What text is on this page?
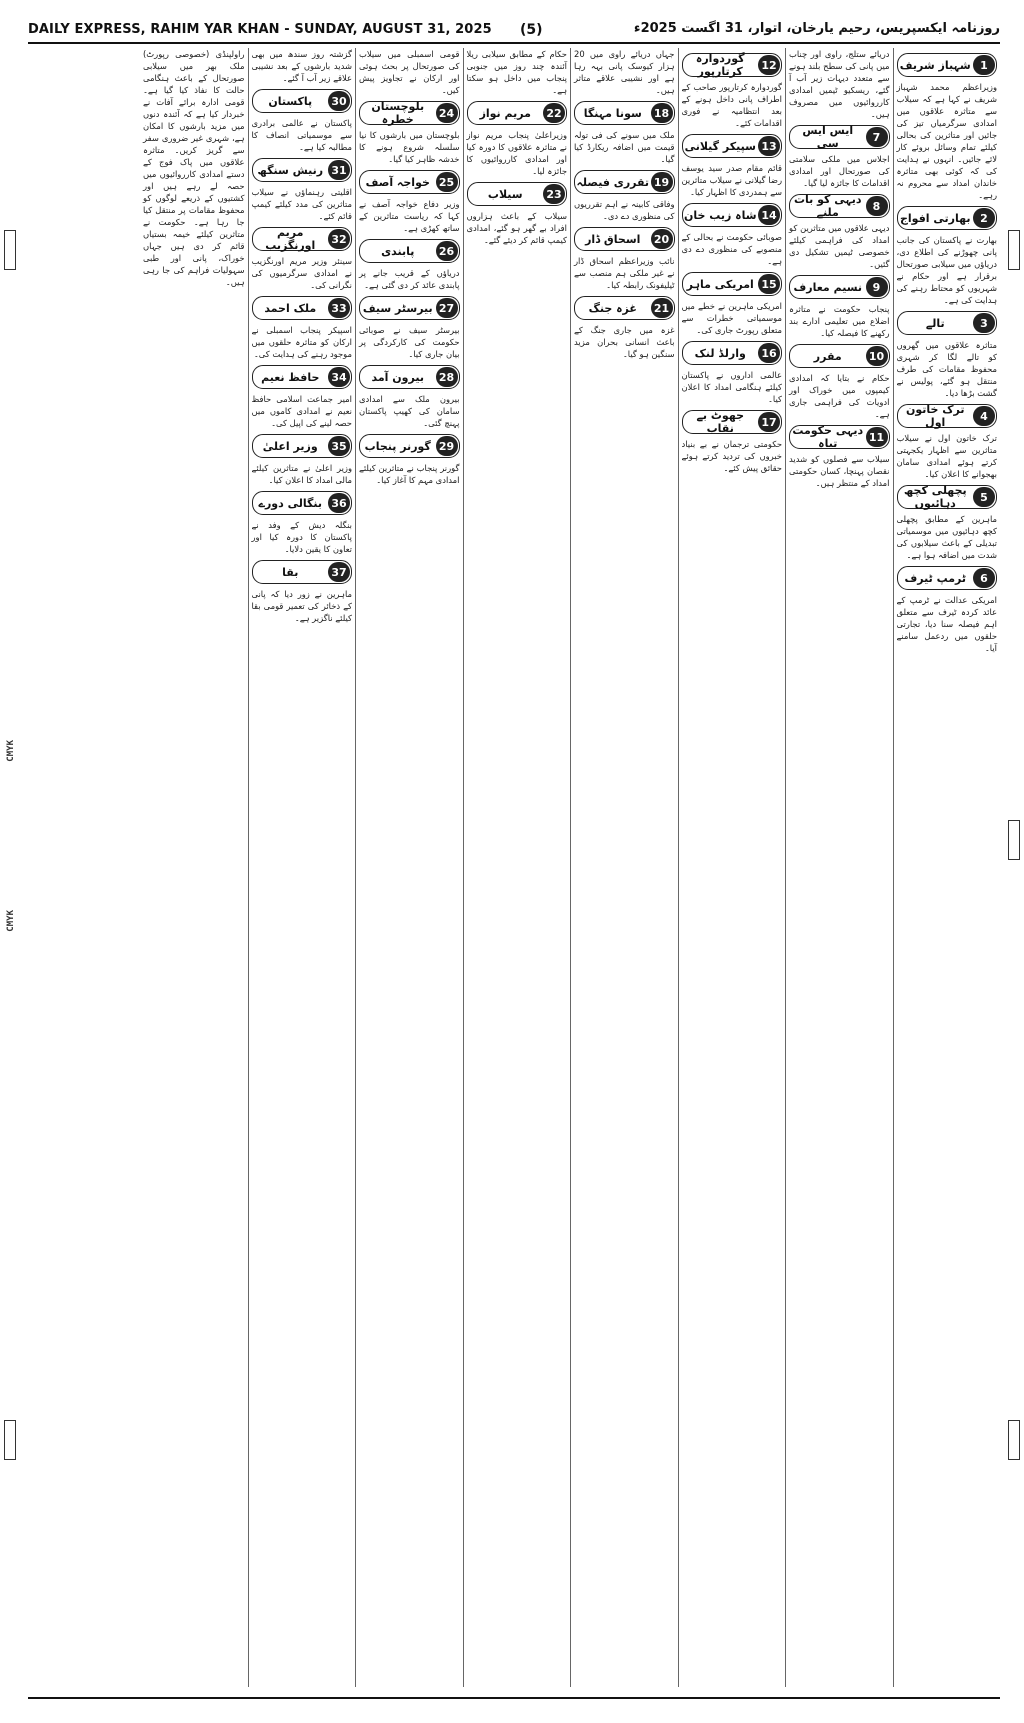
DAILY EXPRESS, RAHIM YAR KHAN - SUNDAY, AUGUST 31, 2025 (5)	روزنامہ ایکسپریس، رحیم یارخان، اتوار، 31 اگست 2025ء
1
شہباز شریف

وزیراعظم محمد شہباز شریف نے کہا ہے کہ سیلاب سے متاثرہ علاقوں میں امدادی سرگرمیاں تیز کی جائیں اور متاثرین کی بحالی کیلئے تمام وسائل بروئے کار لائے جائیں۔ انہوں نے ہدایت کی کہ کوئی بھی متاثرہ خاندان امداد سے محروم نہ رہے۔

2
بھارتی افواج

بھارت نے پاکستان کی جانب پانی چھوڑنے کی اطلاع دی، دریاؤں میں سیلابی صورتحال برقرار ہے اور حکام نے شہریوں کو محتاط رہنے کی ہدایت کی ہے۔

3
تالے

متاثرہ علاقوں میں گھروں کو تالے لگا کر شہری محفوظ مقامات کی طرف منتقل ہو گئے، پولیس نے گشت بڑھا دیا۔

4
ترک خاتون اول

ترک خاتون اول نے سیلاب متاثرین سے اظہار یکجہتی کرتے ہوئے امدادی سامان بھجوانے کا اعلان کیا۔

5
پچھلی کچھ دہائیوں

ماہرین کے مطابق پچھلی کچھ دہائیوں میں موسمیاتی تبدیلی کے باعث سیلابوں کی شدت میں اضافہ ہوا ہے۔

6
ٹرمپ ٹیرف

امریکی عدالت نے ٹرمپ کے عائد کردہ ٹیرف سے متعلق اہم فیصلہ سنا دیا، تجارتی حلقوں میں ردعمل سامنے آیا۔

دریائے ستلج، راوی اور چناب میں پانی کی سطح بلند ہونے سے متعدد دیہات زیر آب آ گئے، ریسکیو ٹیمیں امدادی کارروائیوں میں مصروف ہیں۔

7
ایس ایس سی

اجلاس میں ملکی سلامتی کی صورتحال اور امدادی اقدامات کا جائزہ لیا گیا۔

8
دیہی کو بات ملنے

دیہی علاقوں میں متاثرین کو امداد کی فراہمی کیلئے خصوصی ٹیمیں تشکیل دی گئیں۔

9
نسیم معارف

پنجاب حکومت نے متاثرہ اضلاع میں تعلیمی ادارے بند رکھنے کا فیصلہ کیا۔

10
مقرر

حکام نے بتایا کہ امدادی کیمپوں میں خوراک اور ادویات کی فراہمی جاری ہے۔

11
دیہی حکومت تباہ

سیلاب سے فصلوں کو شدید نقصان پہنچا، کسان حکومتی امداد کے منتظر ہیں۔

12
گوردوارہ کرتارپور

گوردوارہ کرتارپور صاحب کے اطراف پانی داخل ہونے کے بعد انتظامیہ نے فوری اقدامات کئے۔

13
سپیکر گیلانی

قائم مقام صدر سید یوسف رضا گیلانی نے سیلاب متاثرین سے ہمدردی کا اظہار کیا۔

14
شاہ زیب خان

صوبائی حکومت نے بحالی کے منصوبے کی منظوری دے دی ہے۔

15
امریکی ماہر

امریکی ماہرین نے خطے میں موسمیاتی خطرات سے متعلق رپورٹ جاری کی۔

16
وارلڈ لنک

عالمی اداروں نے پاکستان کیلئے ہنگامی امداد کا اعلان کیا۔

17
جھوٹ بے نقاب

حکومتی ترجمان نے بے بنیاد خبروں کی تردید کرتے ہوئے حقائق پیش کئے۔

جہاں دریائے راوی میں 20 ہزار کیوسک پانی بہہ رہا ہے اور نشیبی علاقے متاثر ہیں۔

18
سونا مہنگا

ملک میں سونے کی فی تولہ قیمت میں اضافہ ریکارڈ کیا گیا۔

19
تقرری فیصلہ

وفاقی کابینہ نے اہم تقرریوں کی منظوری دے دی۔

20
اسحاق ڈار

نائب وزیراعظم اسحاق ڈار نے غیر ملکی ہم منصب سے ٹیلیفونک رابطہ کیا۔

21
غزہ جنگ

غزہ میں جاری جنگ کے باعث انسانی بحران مزید سنگین ہو گیا۔

حکام کے مطابق سیلابی ریلا آئندہ چند روز میں جنوبی پنجاب میں داخل ہو سکتا ہے۔

22
مریم نواز

وزیراعلیٰ پنجاب مریم نواز نے متاثرہ علاقوں کا دورہ کیا اور امدادی کارروائیوں کا جائزہ لیا۔

23
سیلاب

سیلاب کے باعث ہزاروں افراد بے گھر ہو گئے، امدادی کیمپ قائم کر دیئے گئے۔

قومی اسمبلی میں سیلاب کی صورتحال پر بحث ہوئی اور ارکان نے تجاویز پیش کیں۔

24
بلوچستان خطرہ

بلوچستان میں بارشوں کا نیا سلسلہ شروع ہونے کا خدشہ ظاہر کیا گیا۔

25
خواجہ آصف

وزیر دفاع خواجہ آصف نے کہا کہ ریاست متاثرین کے ساتھ کھڑی ہے۔

26
پابندی

دریاؤں کے قریب جانے پر پابندی عائد کر دی گئی ہے۔

27
بیرسٹر سیف

بیرسٹر سیف نے صوبائی حکومت کی کارکردگی پر بیان جاری کیا۔

28
بیرون آمد

بیرون ملک سے امدادی سامان کی کھیپ پاکستان پہنچ گئی۔

29
گورنر پنجاب

گورنر پنجاب نے متاثرین کیلئے امدادی مہم کا آغاز کیا۔

گزشتہ روز سندھ میں بھی شدید بارشوں کے بعد نشیبی علاقے زیر آب آ گئے۔

30
پاکستان

پاکستان نے عالمی برادری سے موسمیاتی انصاف کا مطالبہ کیا ہے۔

31
رنیش سنگھ

اقلیتی رہنماؤں نے سیلاب متاثرین کی مدد کیلئے کیمپ قائم کئے۔

32
مریم اورنگزیب

سینئر وزیر مریم اورنگزیب نے امدادی سرگرمیوں کی نگرانی کی۔

33
ملک احمد

اسپیکر پنجاب اسمبلی نے ارکان کو متاثرہ حلقوں میں موجود رہنے کی ہدایت کی۔

34
حافظ نعیم

امیر جماعت اسلامی حافظ نعیم نے امدادی کاموں میں حصہ لینے کی اپیل کی۔

35
وزیر اعلیٰ

وزیر اعلیٰ نے متاثرین کیلئے مالی امداد کا اعلان کیا۔

36
بنگالی دورے

بنگلہ دیش کے وفد نے پاکستان کا دورہ کیا اور تعاون کا یقین دلایا۔

37
بقا

ماہرین نے زور دیا کہ پانی کے ذخائر کی تعمیر قومی بقا کیلئے ناگزیر ہے۔

راولپنڈی (خصوصی رپورٹ) ملک بھر میں سیلابی صورتحال کے باعث ہنگامی حالت کا نفاذ کیا گیا ہے۔ قومی ادارہ برائے آفات نے خبردار کیا ہے کہ آئندہ دنوں میں مزید بارشوں کا امکان ہے، شہری غیر ضروری سفر سے گریز کریں۔ متاثرہ علاقوں میں پاک فوج کے دستے امدادی کارروائیوں میں حصہ لے رہے ہیں اور کشتیوں کے ذریعے لوگوں کو محفوظ مقامات پر منتقل کیا جا رہا ہے۔ حکومت نے متاثرین کیلئے خیمہ بستیاں قائم کر دی ہیں جہاں خوراک، پانی اور طبی سہولیات فراہم کی جا رہی ہیں۔

CMYK
CMYK
